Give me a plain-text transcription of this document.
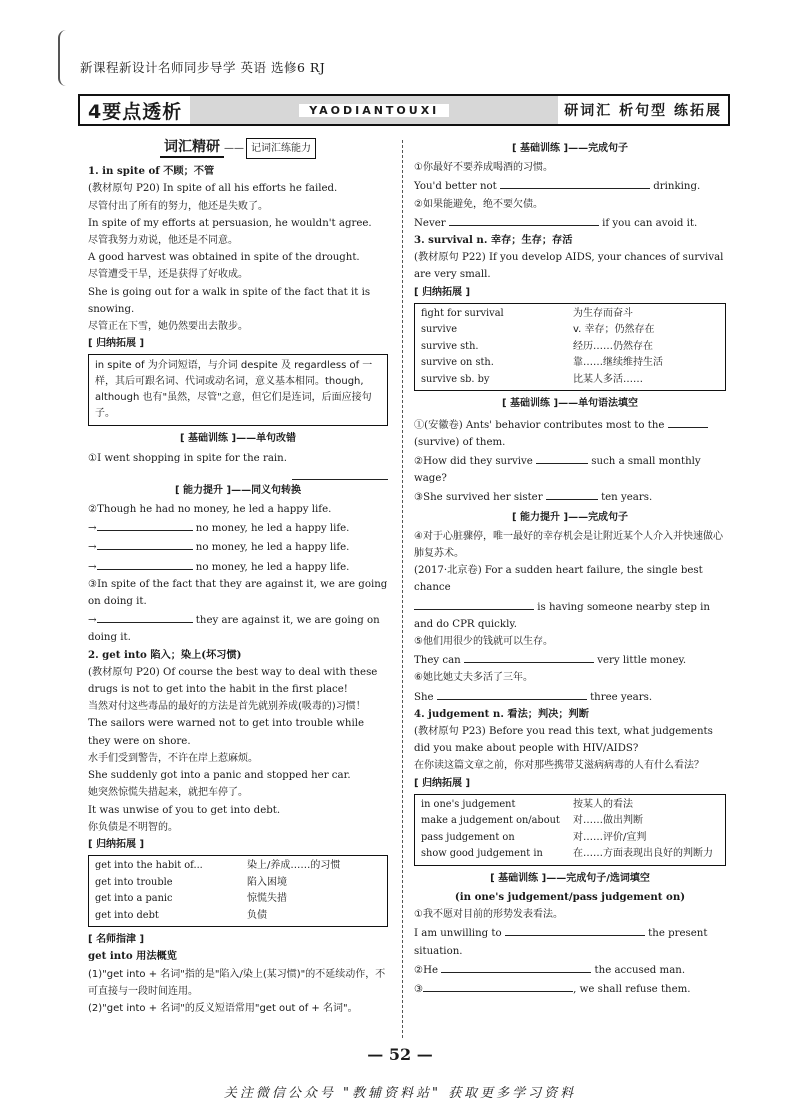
新课程新设计名师同步导学 英语 选修6 RJ
4要点透析	YAODIANTOUXI	研词汇 析句型 练拓展
词汇精研 —— 记词汇练能力
1. in spite of 不顾；不管
(教材原句 P20) In spite of all his efforts he failed.
尽管付出了所有的努力，他还是失败了。
In spite of my efforts at persuasion, he wouldn't agree.
尽管我努力劝说，他还是不同意。
A good harvest was obtained in spite of the drought.
尽管遭受干旱，还是获得了好收成。
She is going out for a walk in spite of the fact that it is snowing.
尽管正在下雪，她仍然要出去散步。
[ 归纳拓展 ]
in spite of 为介词短语，与介词 despite 及 regardless of 一样，其后可跟名词、代词或动名词，意义基本相同。though, although 也有"虽然，尽管"之意，但它们是连词，后面应接句子。
[ 基础训练 ] ——单句改错
①I went shopping in spite for the rain.
[ 能力提升 ] ——同义句转换
②Though he had no money, he led a happy life.
→	no money, he led a happy life.
→	no money, he led a happy life.
→	no money, he led a happy life.
③In spite of the fact that they are against it, we are going on doing it.
→	they are against it, we are going on doing it.
2. get into 陷入；染上(坏习惯)
(教材原句 P20) Of course the best way to deal with these drugs is not to get into the habit in the first place!
当然对付这些毒品的最好的方法是首先就别养成(吸毒的)习惯！
The sailors were warned not to get into trouble while they were on shore.
水手们受到警告，不许在岸上惹麻烦。
She suddenly got into a panic and stopped her car.
她突然惊慌失措起来，就把车停了。
It was unwise of you to get into debt.
你负债是不明智的。
[ 归纳拓展 ]
get into the habit of...	染上/养成……的习惯
get into trouble	陷入困境
get into a panic	惊慌失措
get into debt	负债
[ 名师指津 ]
get into 用法概览
(1)"get into + 名词"指的是"陷入/染上(某习惯)"的不延续动作，不可直接与一段时间连用。
(2)"get into + 名词"的反义短语常用"get out of + 名词"。
[ 基础训练 ] ——完成句子
①你最好不要养成喝酒的习惯。
You'd better not	drinking.
②如果能避免，绝不要欠债。
Never	if you can avoid it.
3. survival n. 幸存；生存；存活
(教材原句 P22) If you develop AIDS, your chances of survival are very small.
[ 归纳拓展 ]
fight for survival	为生存而奋斗
survive	v. 幸存；仍然存在
survive sth.	经历……仍然存在
survive on sth.	靠……继续维持生活
survive sb. by	比某人多活……
[ 基础训练 ] ——单句语法填空
①(安徽卷) Ants' behavior contributes most to the
(survive) of them.
②How did they survive	such a small monthly wage?
③She survived her sister	ten years.
[ 能力提升 ] ——完成句子
④对于心脏骤停，唯一最好的幸存机会是让附近某个人介入并快速做心肺复苏术。
(2017·北京卷) For a sudden heart failure, the single best chance
is having someone nearby step in and do CPR quickly.
⑤他们用很少的钱就可以生存。
They can	very little money.
⑥她比她丈夫多活了三年。
She	three years.
4. judgement n. 看法；判决；判断
(教材原句 P23) Before you read this text, what judgements did you make about people with HIV/AIDS?
在你读这篇文章之前，你对那些携带艾滋病病毒的人有什么看法？
[ 归纳拓展 ]
in one's judgement	按某人的看法
make a judgement on/about	对……做出判断
pass judgement on	对……评价/宣判
show good judgement in	在……方面表现出良好的判断力
[ 基础训练 ] ——完成句子/选词填空
(in one's judgement/pass judgement on)
①我不愿对目前的形势发表看法。
I am unwilling to	the present situation.
②He	the accused man.
③	, we shall refuse them.
— 52 —
关注微信公众号 "教辅资料站" 获取更多学习资料
